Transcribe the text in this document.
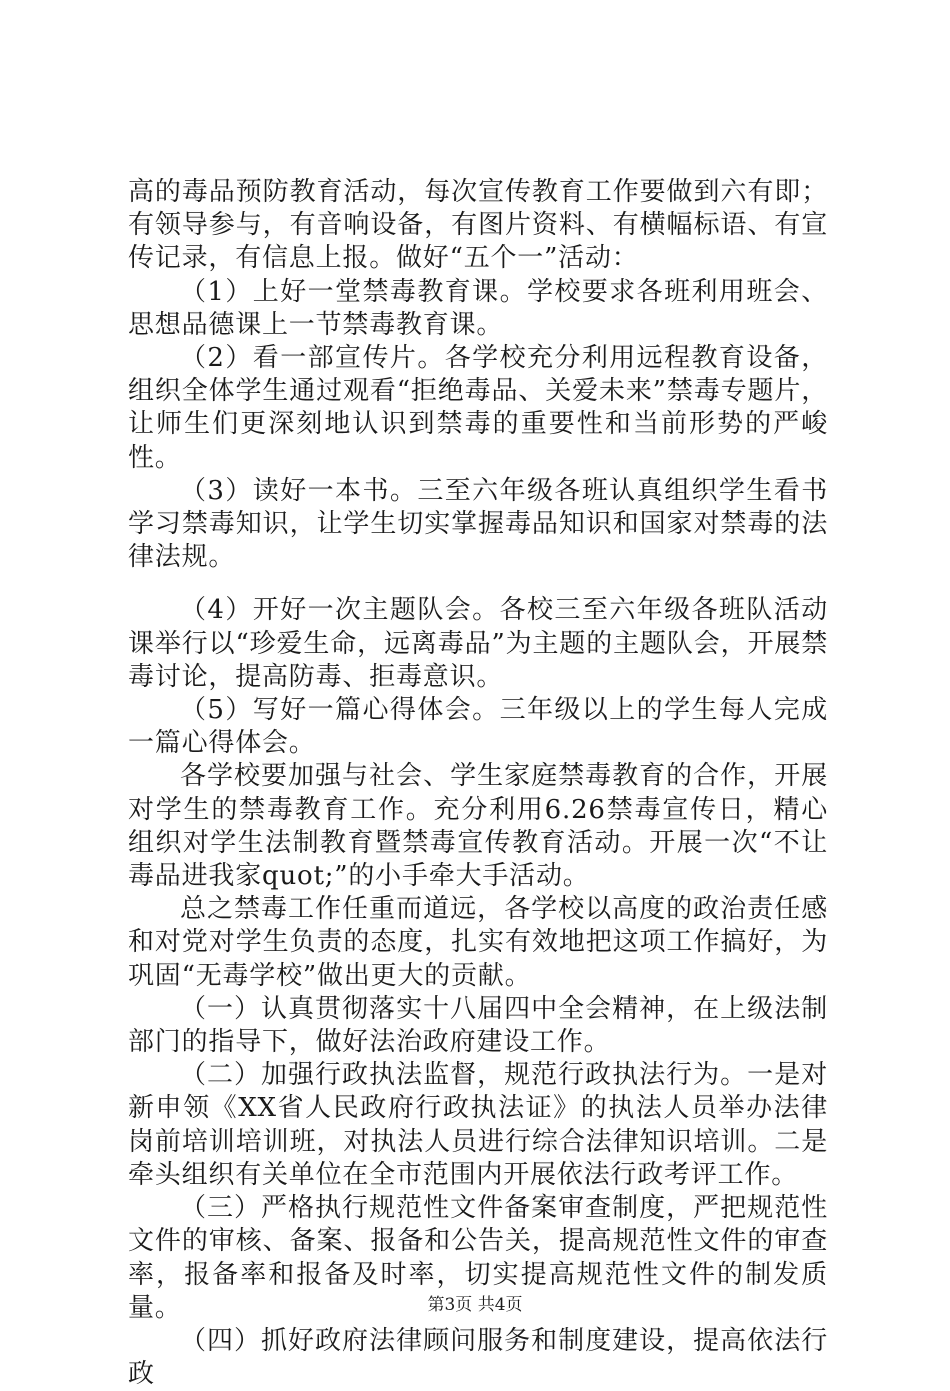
高的毒品预防教育活动，每次宣传教育工作要做到六有即；有领导参与，有音响设备，有图片资料、有横幅标语、有宣传记录，有信息上报。做好“五个一”活动：

（1）上好一堂禁毒教育课。学校要求各班利用班会、思想品德课上一节禁毒教育课。

（2）看一部宣传片。各学校充分利用远程教育设备，组织全体学生通过观看“拒绝毒品、关爱未来”禁毒专题片，让师生们更深刻地认识到禁毒的重要性和当前形势的严峻性。

（3）读好一本书。三至六年级各班认真组织学生看书学习禁毒知识，让学生切实掌握毒品知识和国家对禁毒的法律法规。

（4）开好一次主题队会。各校三至六年级各班队活动课举行以“珍爱生命，远离毒品”为主题的主题队会，开展禁毒讨论，提高防毒、拒毒意识。

（5）写好一篇心得体会。三年级以上的学生每人完成一篇心得体会。

各学校要加强与社会、学生家庭禁毒教育的合作，开展对学生的禁毒教育工作。充分利用6.26禁毒宣传日，精心组织对学生法制教育暨禁毒宣传教育活动。开展一次“不让毒品进我家quot;”的小手牵大手活动。

总之禁毒工作任重而道远，各学校以高度的政治责任感和对党对学生负责的态度，扎实有效地把这项工作搞好，为巩固“无毒学校”做出更大的贡献。

（一）认真贯彻落实十八届四中全会精神，在上级法制部门的指导下，做好法治政府建设工作。

（二）加强行政执法监督，规范行政执法行为。一是对新申领《XX省人民政府行政执法证》的执法人员举办法律岗前培训培训班，对执法人员进行综合法律知识培训。二是牵头组织有关单位在全市范围内开展依法行政考评工作。

（三）严格执行规范性文件备案审查制度，严把规范性文件的审核、备案、报备和公告关，提高规范性文件的审查率，报备率和报备及时率，切实提高规范性文件的制发质量。

（四）抓好政府法律顾问服务和制度建设，提高依法行政

第3页 共4页
